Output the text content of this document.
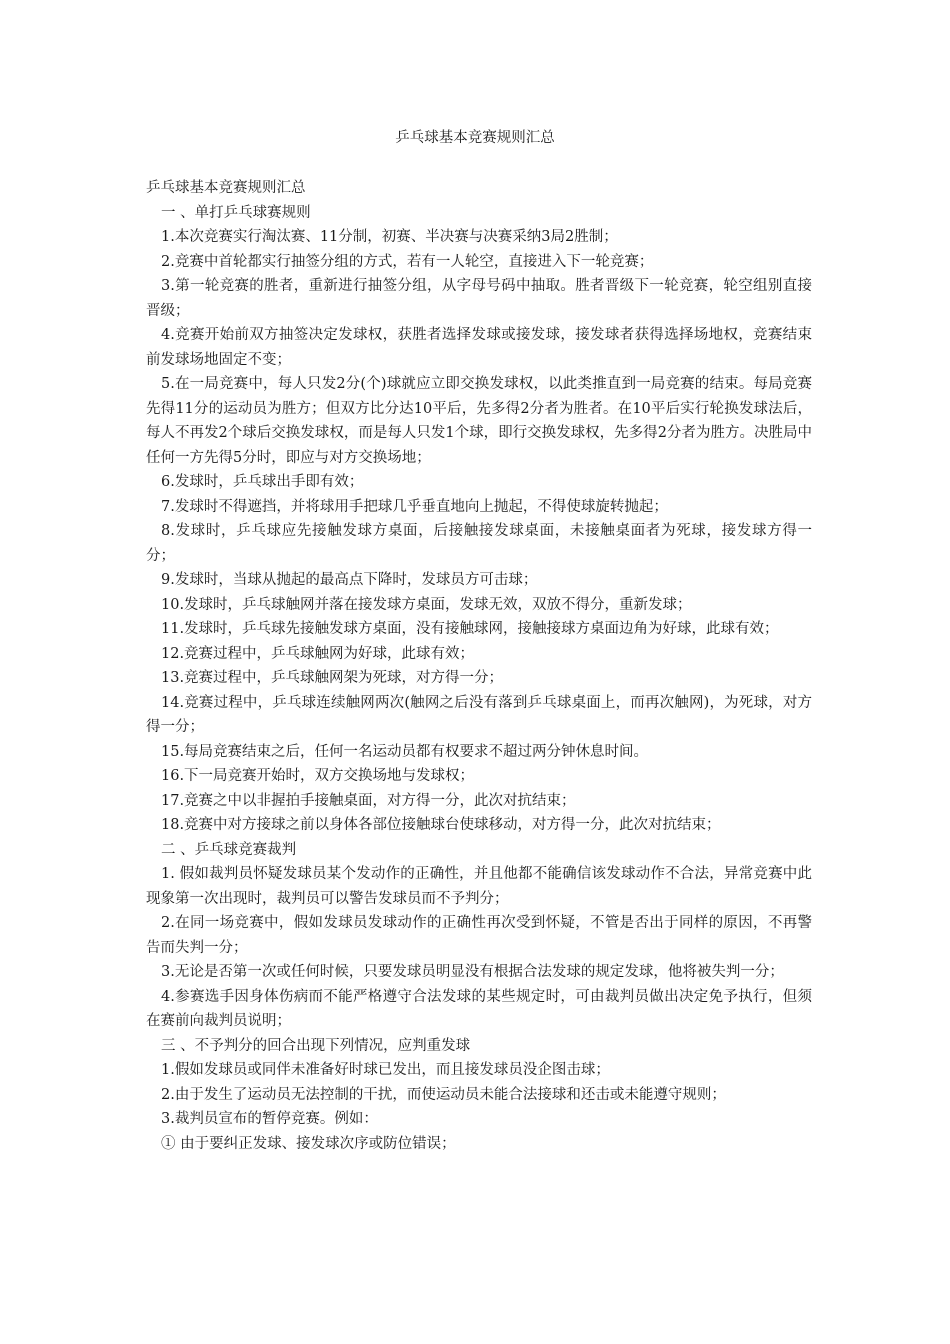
乒乓球基本竞赛规则汇总

乒乓球基本竞赛规则汇总

一 、单打乒乓球赛规则

1.本次竞赛实行淘汰赛、11分制，初赛、半决赛与决赛采纳3局2胜制；

2.竞赛中首轮都实行抽签分组的方式，若有一人轮空，直接进入下一轮竞赛；

3.第一轮竞赛的胜者，重新进行抽签分组，从字母号码中抽取。胜者晋级下一轮竞赛，轮空组别直接晋级；

4.竞赛开始前双方抽签决定发球权，获胜者选择发球或接发球，接发球者获得选择场地权，竞赛结束前发球场地固定不变；

5.在一局竞赛中，每人只发2分(个)球就应立即交换发球权，以此类推直到一局竞赛的结束。每局竞赛先得11分的运动员为胜方；但双方比分达10平后，先多得2分者为胜者。在10平后实行轮换发球法后，每人不再发2个球后交换发球权，而是每人只发1个球，即行交换发球权，先多得2分者为胜方。决胜局中任何一方先得5分时，即应与对方交换场地；

6.发球时，乒乓球出手即有效；

7.发球时不得遮挡，并将球用手把球几乎垂直地向上抛起，不得使球旋转抛起；

8.发球时，乒乓球应先接触发球方桌面，后接触接发球桌面，未接触桌面者为死球，接发球方得一分；

9.发球时，当球从抛起的最高点下降时，发球员方可击球；

10.发球时，乒乓球触网并落在接发球方桌面，发球无效，双放不得分，重新发球；

11.发球时，乒乓球先接触发球方桌面，没有接触球网，接触接球方桌面边角为好球，此球有效；

12.竞赛过程中，乒乓球触网为好球，此球有效；

13.竞赛过程中，乒乓球触网架为死球，对方得一分；

14.竞赛过程中，乒乓球连续触网两次(触网之后没有落到乒乓球桌面上，而再次触网)，为死球，对方得一分；

15.每局竞赛结束之后，任何一名运动员都有权要求不超过两分钟休息时间。

16.下一局竞赛开始时，双方交换场地与发球权；

17.竞赛之中以非握拍手接触桌面，对方得一分，此次对抗结束；

18.竞赛中对方接球之前以身体各部位接触球台使球移动，对方得一分，此次对抗结束；

二 、乒乓球竞赛裁判

1. 假如裁判员怀疑发球员某个发动作的正确性，并且他都不能确信该发球动作不合法，异常竞赛中此现象第一次出现时，裁判员可以警告发球员而不予判分；

2.在同一场竞赛中，假如发球员发球动作的正确性再次受到怀疑，不管是否出于同样的原因，不再警告而失判一分；

3.无论是否第一次或任何时候，只要发球员明显没有根据合法发球的规定发球，他将被失判一分；

4.参赛选手因身体伤病而不能严格遵守合法发球的某些规定时，可由裁判员做出决定免予执行，但须在赛前向裁判员说明；

三 、不予判分的回合出现下列情况，应判重发球

1.假如发球员或同伴未准备好时球已发出，而且接发球员没企图击球；

2.由于发生了运动员无法控制的干扰，而使运动员未能合法接球和还击或未能遵守规则；

3.裁判员宣布的暂停竞赛。例如：

① 由于要纠正发球、接发球次序或防位错误；
